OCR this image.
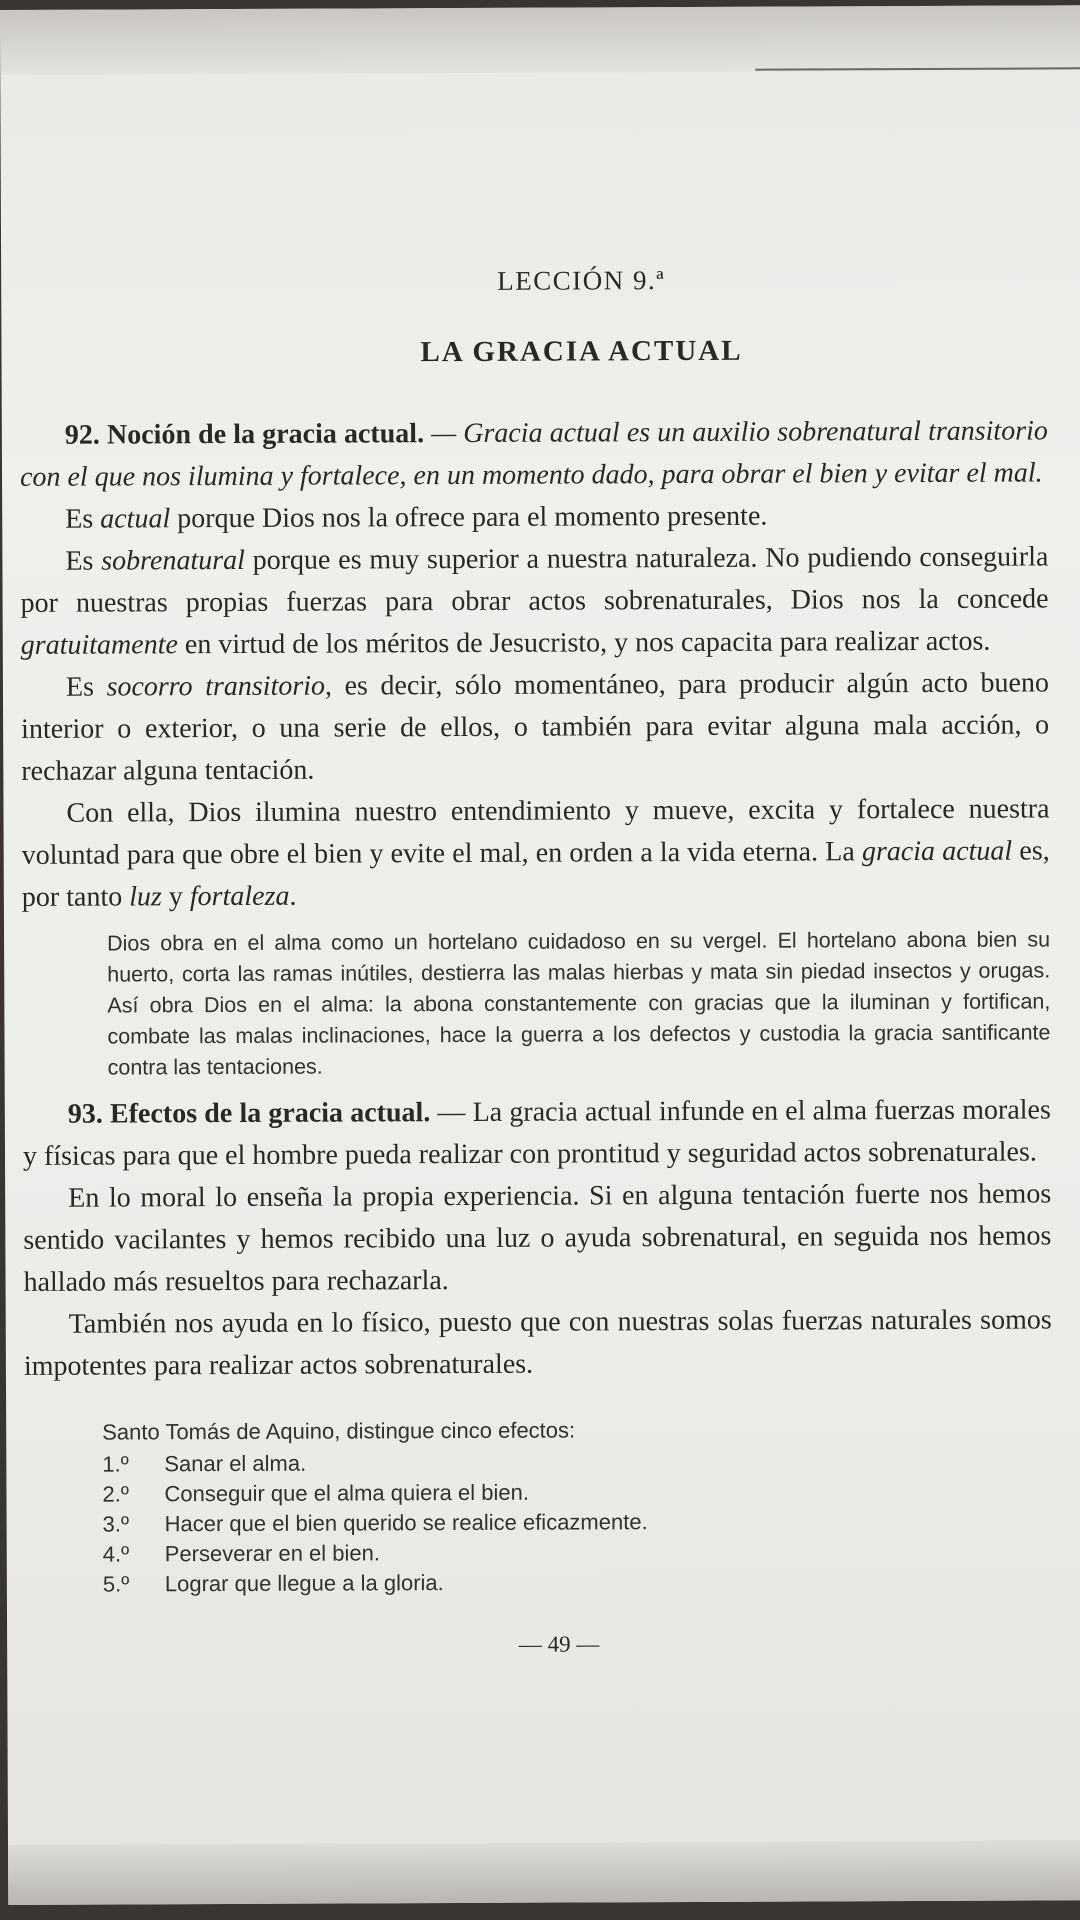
LECCIÓN 9.ª
LA GRACIA ACTUAL

92. Noción de la gracia actual. — Gracia actual es un auxilio sobrenatural transitorio con el que nos ilumina y fortalece, en un momento dado, para obrar el bien y evitar el mal.

Es actual porque Dios nos la ofrece para el momento presente.

Es sobrenatural porque es muy superior a nuestra naturaleza. No pudiendo conseguirla por nuestras propias fuerzas para obrar actos sobrenaturales, Dios nos la concede gratuitamente en virtud de los méritos de Jesucristo, y nos capacita para realizar actos.

Es socorro transitorio, es decir, sólo momentáneo, para producir algún acto bueno interior o exterior, o una serie de ellos, o también para evitar alguna mala acción, o rechazar alguna tentación.

Con ella, Dios ilumina nuestro entendimiento y mueve, excita y fortalece nuestra voluntad para que obre el bien y evite el mal, en orden a la vida eterna. La gracia actual es, por tanto luz y fortaleza.

Dios obra en el alma como un hortelano cuidadoso en su vergel. El hortelano abona bien su huerto, corta las ramas inútiles, destierra las malas hierbas y mata sin piedad insectos y orugas. Así obra Dios en el alma: la abona constantemente con gracias que la iluminan y fortifican, combate las malas inclinaciones, hace la guerra a los defectos y custodia la gracia santificante contra las tentaciones.

93. Efectos de la gracia actual. — La gracia actual infunde en el alma fuerzas morales y físicas para que el hombre pueda realizar con prontitud y seguridad actos sobrenaturales.

En lo moral lo enseña la propia experiencia. Si en alguna tentación fuerte nos hemos sentido vacilantes y hemos recibido una luz o ayuda sobrenatural, en seguida nos hemos hallado más resueltos para rechazarla.

También nos ayuda en lo físico, puesto que con nuestras solas fuerzas naturales somos impotentes para realizar actos sobrenaturales.

Santo Tomás de Aquino, distingue cinco efectos:
1.º	Sanar el alma.
2.º	Conseguir que el alma quiera el bien.
3.º	Hacer que el bien querido se realice eficazmente.
4.º	Perseverar en el bien.
5.º	Lograr que llegue a la gloria.
— 49 —
